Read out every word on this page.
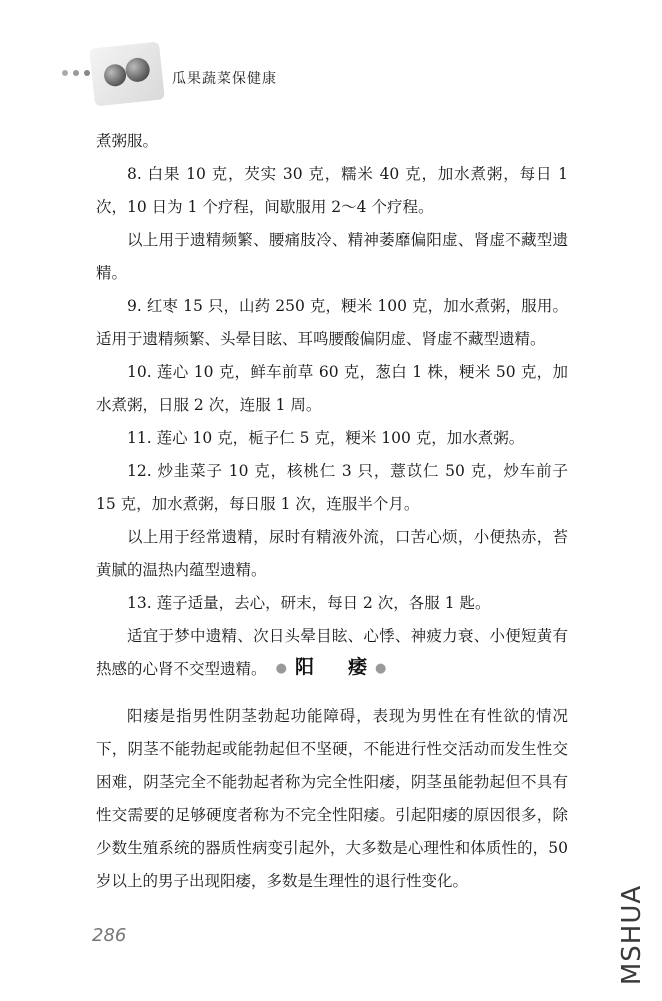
瓜果蔬菜保健康

煮粥服。

8. 白果 10 克，芡实 30 克，糯米 40 克，加水煮粥，每日 1 次，10 日为 1 个疗程，间歇服用 2～4 个疗程。

以上用于遗精频繁、腰痛肢冷、精神萎靡偏阳虚、肾虚不藏型遗精。

9. 红枣 15 只，山药 250 克，粳米 100 克，加水煮粥，服用。适用于遗精频繁、头晕目眩、耳鸣腰酸偏阴虚、肾虚不藏型遗精。

10. 莲心 10 克，鲜车前草 60 克，葱白 1 株，粳米 50 克，加水煮粥，日服 2 次，连服 1 周。

11. 莲心 10 克，栀子仁 5 克，粳米 100 克，加水煮粥。

12. 炒韭菜子 10 克，核桃仁 3 只，薏苡仁 50 克，炒车前子 15 克，加水煮粥，每日服 1 次，连服半个月。

以上用于经常遗精，尿时有精液外流，口苦心烦，小便热赤，苔黄腻的温热内蕴型遗精。

13. 莲子适量，去心，研末，每日 2 次，各服 1 匙。

适宜于梦中遗精、次日头晕目眩、心悸、神疲力衰、小便短黄有热感的心肾不交型遗精。 ● 阳 痿 ●

阳痿是指男性阴茎勃起功能障碍，表现为男性在有性欲的情况下，阴茎不能勃起或能勃起但不坚硬，不能进行性交活动而发生性交困难，阴茎完全不能勃起者称为完全性阳痿，阴茎虽能勃起但不具有性交需要的足够硬度者称为不完全性阳痿。引起阳痿的原因很多，除少数生殖系统的器质性病变引起外，大多数是心理性和体质性的，50 岁以上的男子出现阳痿，多数是生理性的退行性变化。

286	MSHUA
